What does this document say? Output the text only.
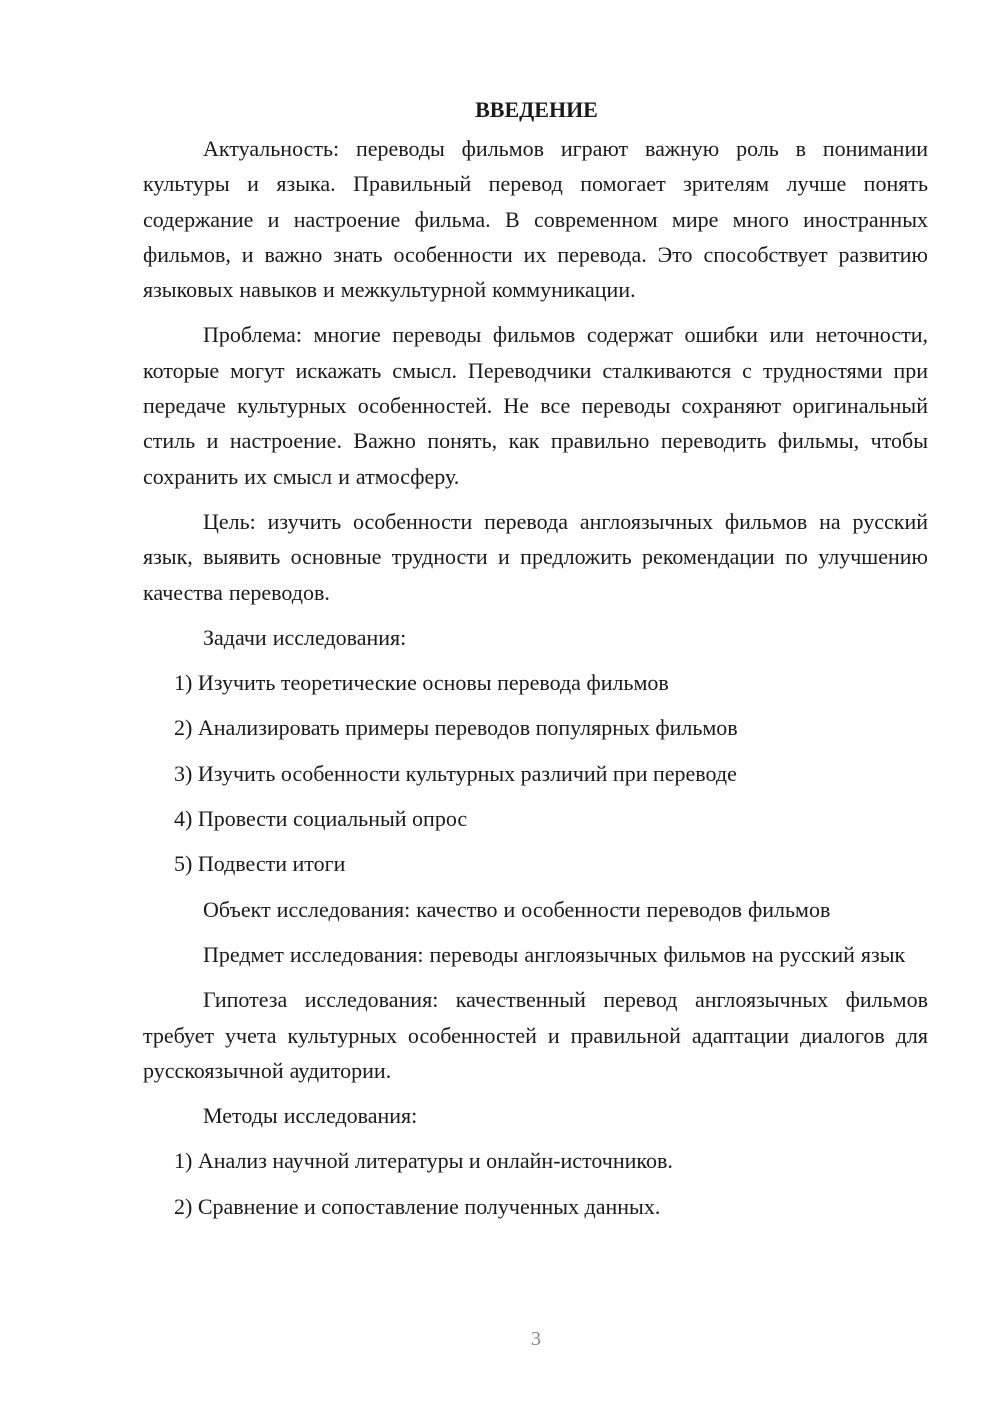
ВВЕДЕНИЕ

Актуальность: переводы фильмов играют важную роль в понимании культуры и языка. Правильный перевод помогает зрителям лучше понять содержание и настроение фильма. В современном мире много иностранных фильмов, и важно знать особенности их перевода. Это способствует развитию языковых навыков и межкультурной коммуникации.

Проблема: многие переводы фильмов содержат ошибки или неточности, которые могут искажать смысл. Переводчики сталкиваются с трудностями при передаче культурных особенностей. Не все переводы сохраняют оригинальный стиль и настроение. Важно понять, как правильно переводить фильмы, чтобы сохранить их смысл и атмосферу.

Цель: изучить особенности перевода англоязычных фильмов на русский язык, выявить основные трудности и предложить рекомендации по улучшению качества переводов.

Задачи исследования:

1) Изучить теоретические основы перевода фильмов
2) Анализировать примеры переводов популярных фильмов
3) Изучить особенности культурных различий при переводе
4) Провести социальный опрос
5) Подвести итоги

Объект исследования: качество и особенности переводов фильмов

Предмет исследования: переводы англоязычных фильмов на русский язык

Гипотеза исследования: качественный перевод англоязычных фильмов требует учета культурных особенностей и правильной адаптации диалогов для русскоязычной аудитории.

Методы исследования:

1) Анализ научной литературы и онлайн-источников.
2) Сравнение и сопоставление полученных данных.
3
